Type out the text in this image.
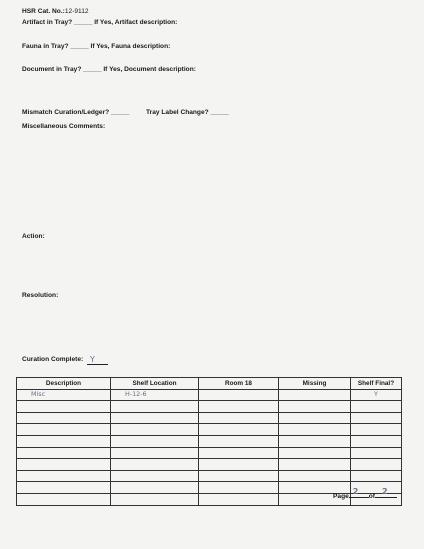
HSR Cat. No.:12-9112
Artifact in Tray? _____ If Yes, Artifact description:
Fauna in Tray? _____ If Yes, Fauna description:
Document in Tray? _____ If Yes, Document description:
Mismatch Curation/Ledger? _____	Tray Label Change? _____
Miscellaneous Comments:
Action:
Resolution:
Curation Complete: Y
Description	Shelf Location	Room 18	Missing	Shelf Final?
Misc	H-12-6			Y

Page
2
of
2
